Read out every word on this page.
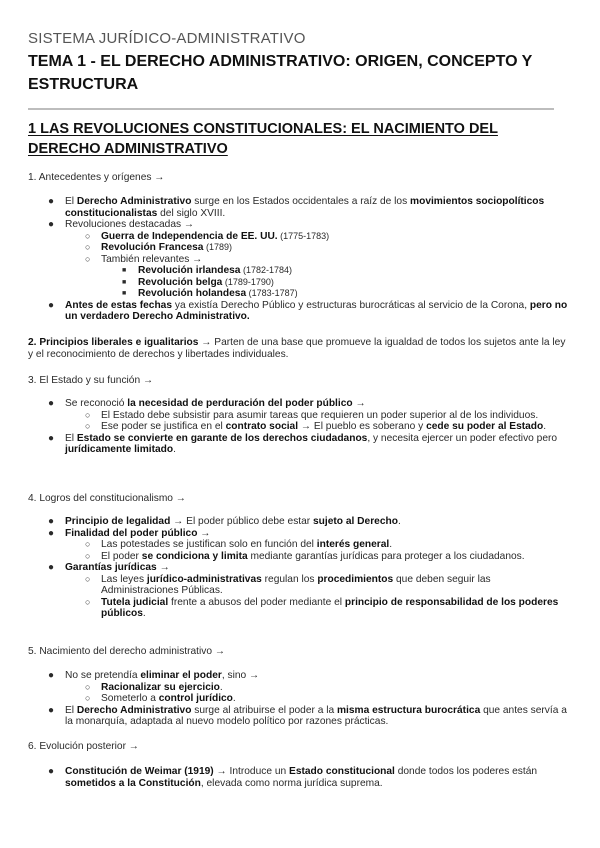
SISTEMA JURÍDICO-ADMINISTRATIVO
TEMA 1 - EL DERECHO ADMINISTRATIVO: ORIGEN, CONCEPTO Y ESTRUCTURA
1 LAS REVOLUCIONES CONSTITUCIONALES: EL NACIMIENTO DEL DERECHO ADMINISTRATIVO

1. Antecedentes y orígenes →

● El Derecho Administrativo surge en los Estados occidentales a raíz de los movimientos sociopolíticos constitucionalistas del siglo XVIII.
● Revoluciones destacadas →
○ Guerra de Independencia de EE. UU. (1775-1783)
○ Revolución Francesa (1789)
○ También relevantes →
■ Revolución irlandesa (1782-1784)
■ Revolución belga (1789-1790)
■ Revolución holandesa (1783-1787)
● Antes de estas fechas ya existía Derecho Público y estructuras burocráticas al servicio de la Corona, pero no un verdadero Derecho Administrativo.

2. Principios liberales e igualitarios → Parten de una base que promueve la igualdad de todos los sujetos ante la ley y el reconocimiento de derechos y libertades individuales.

3. El Estado y su función →

● Se reconoció la necesidad de perduración del poder público →
○ El Estado debe subsistir para asumir tareas que requieren un poder superior al de los individuos.
○ Ese poder se justifica en el contrato social → El pueblo es soberano y cede su poder al Estado.
● El Estado se convierte en garante de los derechos ciudadanos, y necesita ejercer un poder efectivo pero jurídicamente limitado.

4. Logros del constitucionalismo →

● Principio de legalidad → El poder público debe estar sujeto al Derecho.
● Finalidad del poder público →
○ Las potestades se justifican solo en función del interés general.
○ El poder se condiciona y limita mediante garantías jurídicas para proteger a los ciudadanos.
● Garantías jurídicas →
○ Las leyes jurídico-administrativas regulan los procedimientos que deben seguir las Administraciones Públicas.
○ Tutela judicial frente a abusos del poder mediante el principio de responsabilidad de los poderes públicos.

5. Nacimiento del derecho administrativo →

● No se pretendía eliminar el poder, sino →
○ Racionalizar su ejercicio.
○ Someterlo a control jurídico.
● El Derecho Administrativo surge al atribuirse el poder a la misma estructura burocrática que antes servía a la monarquía, adaptada al nuevo modelo político por razones prácticas.

6. Evolución posterior →

● Constitución de Weimar (1919) → Introduce un Estado constitucional donde todos los poderes están sometidos a la Constitución, elevada como norma jurídica suprema.
